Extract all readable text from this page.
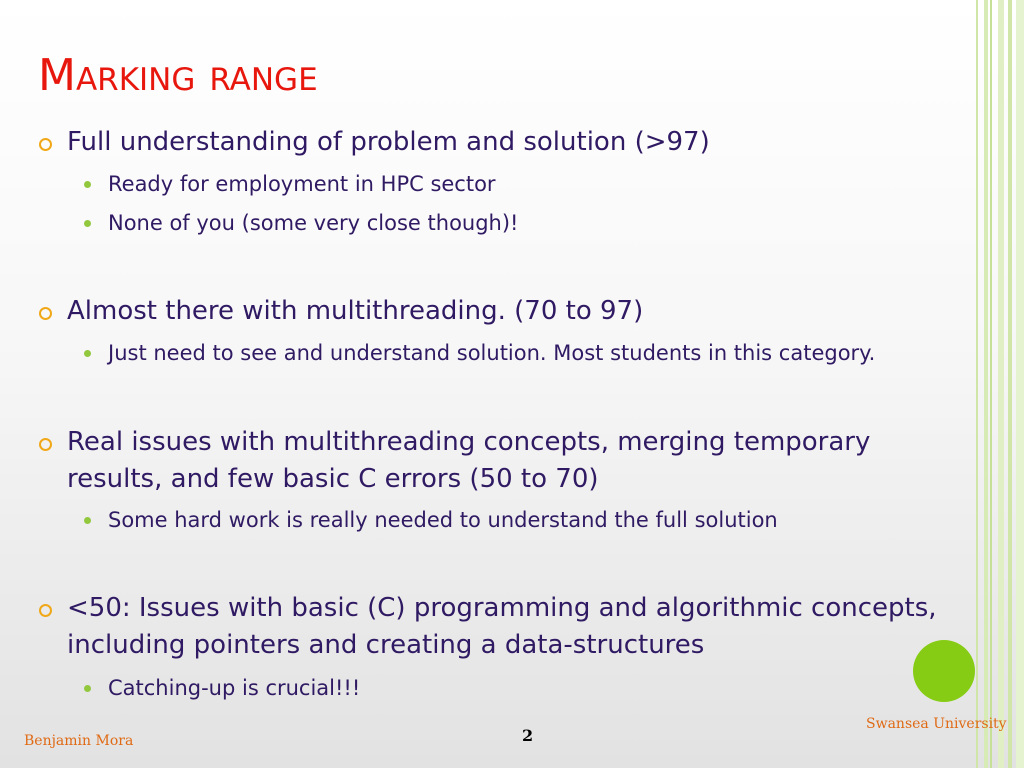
Marking range
Full understanding of problem and solution (>97)
Ready for employment in HPC sector
None of you (some very close though)!
Almost there with multithreading. (70 to 97)
Just need to see and understand solution. Most students in this category.
Real issues with multithreading concepts, merging temporary results, and few basic C errors (50 to 70)
Some hard work is really needed to understand the full solution
<50: Issues with basic (C) programming and algorithmic concepts, including pointers and creating a data-structures
Catching-up is crucial!!!
Benjamin Mora	2
Swansea University
